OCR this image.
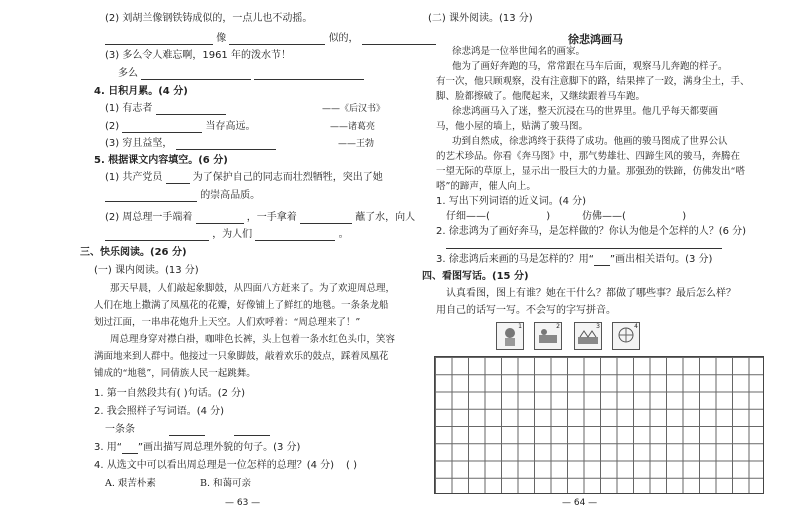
(2) 刘胡兰像钢铁铸成似的，一点儿也不动摇。
像	似的，
(3) 多么令人难忘啊，1961 年的泼水节！
多么
4. 日积月累。(4 分)
(1) 有志者	——《后汉书》
(2)	当存高远。	——诸葛亮
(3) 穷且益坚，	——王勃
5. 根据课文内容填空。(6 分)
(1) 共产党员	为了保护自己的同志而壮烈牺牲，突出了她
的崇高品质。
(2) 周总理一手端着	，一手拿着	蘸了水，向人
，为人们	。
三、快乐阅读。(26 分)
(一) 课内阅读。(13 分)
那天早晨，人们敲起象脚鼓，从四面八方赶来了。为了欢迎周总理，
人们在地上撒满了凤凰花的花瓣，好像铺上了鲜红的地毯。一条条龙船
划过江面，一串串花炮升上天空。人们欢呼着：“周总理来了！”
周总理身穿对襟白褂，咖啡色长裤，头上包着一条水红色头巾，笑容
满面地来到人群中。他接过一只象脚鼓，敲着欢乐的鼓点，踩着凤凰花
铺成的“地毯”，同倩族人民一起跳舞。
1. 第一自然段共有( )句话。(2 分)
2. 我会照样子写词语。(4 分)
一条条
3. 用“ ”画出描写周总理外貌的句子。(3 分)
4. 从选文中可以看出周总理是一位怎样的总理？(4 分) ( )
A. 艰苦朴素	B. 和蔼可亲
— 63 —
(二) 课外阅读。(13 分)
徐悲鸿画马
徐悲鸿是一位举世闻名的画家。
他为了画好奔跑的马，常常跟在马车后面，观察马儿奔跑的样子。
有一次，他只顾观察，没有注意脚下的路，结果摔了一跤，满身尘土，手、
脚、脸都擦破了。他爬起来，又继续跟着马车跑。
徐悲鸿画马入了迷，整天沉浸在马的世界里。他几乎每天都要画
马，他小屋的墙上，贴满了骏马图。
功到自然成，徐悲鸿终于获得了成功。他画的骏马图成了世界公认
的艺术珍品。你看《奔马图》中，那气势雄壮、四蹄生风的骏马，奔腾在
一望无际的草原上，显示出一股巨大的力量。那强劲的铁蹄，仿佛发出“嗒
嗒”的蹄声，催人向上。
1. 写出下列词语的近义词。(4 分)
仔细——(	)	仿佛——(	)
2. 徐悲鸿为了画好奔马，是怎样做的？你认为他是个怎样的人？(6 分)
3. 徐悲鸿后来画的马是怎样的？用“ ”画出相关语句。(3 分)
四、看图写话。(15 分)
认真看图，图上有谁？她在干什么？都做了哪些事？最后怎么样？
用自己的话写一写。不会写的字写拼音。
— 64 —
1	2	3	4
